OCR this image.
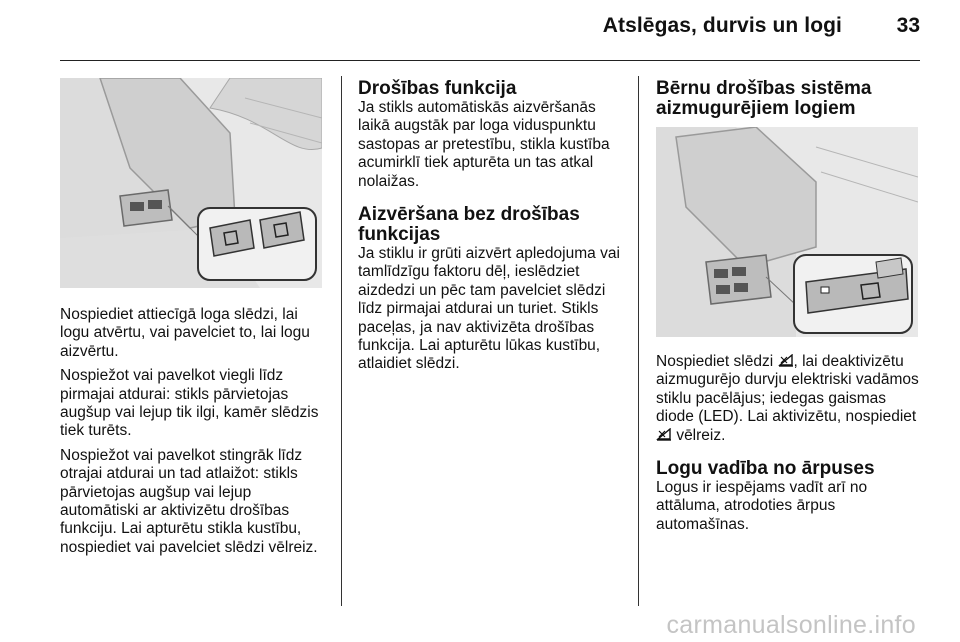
Atslēgas, durvis un logi	33

Nospiediet attiecīgā loga slēdzi, lai logu atvērtu, vai pavelciet to, lai logu aizvērtu.

Nospiežot vai pavelkot viegli līdz pirmajai atdurai: stikls pārvietojas augšup vai lejup tik ilgi, kamēr slēdzis tiek turēts.

Nospiežot vai pavelkot stingrāk līdz otrajai atdurai un tad atlaižot: stikls pārvietojas augšup vai lejup automātiski ar aktivizētu drošības funkciju. Lai apturētu stikla kustību, nospiediet vai pavelciet slēdzi vēlreiz.

Drošības funkcija

Ja stikls automātiskās aizvēršanās laikā augstāk par loga viduspunktu sastopas ar pretestību, stikla kustība acumirklī tiek apturēta un tas atkal nolaižas.

Aizvēršana bez drošības funkcijas

Ja stiklu ir grūti aizvērt apledojuma vai tamlīdzīgu faktoru dēļ, ieslēdziet aizdedzi un pēc tam pavelciet slēdzi līdz pirmajai atdurai un turiet. Stikls paceļas, ja nav aktivizēta drošības funkcija. Lai apturētu lūkas kustību, atlaidiet slēdzi.

Bērnu drošības sistēma aizmugurējiem logiem

Nospiediet slēdzi , lai deaktivizētu aizmugurējo durvju elektriski vadāmos stiklu pacēlājus; iedegas gaismas diode (LED). Lai aktivizētu, nospiediet  vēlreiz.

Logu vadība no ārpuses

Logus ir iespējams vadīt arī no attāluma, atrodoties ārpus automašīnas.

carmanualsonline.info
